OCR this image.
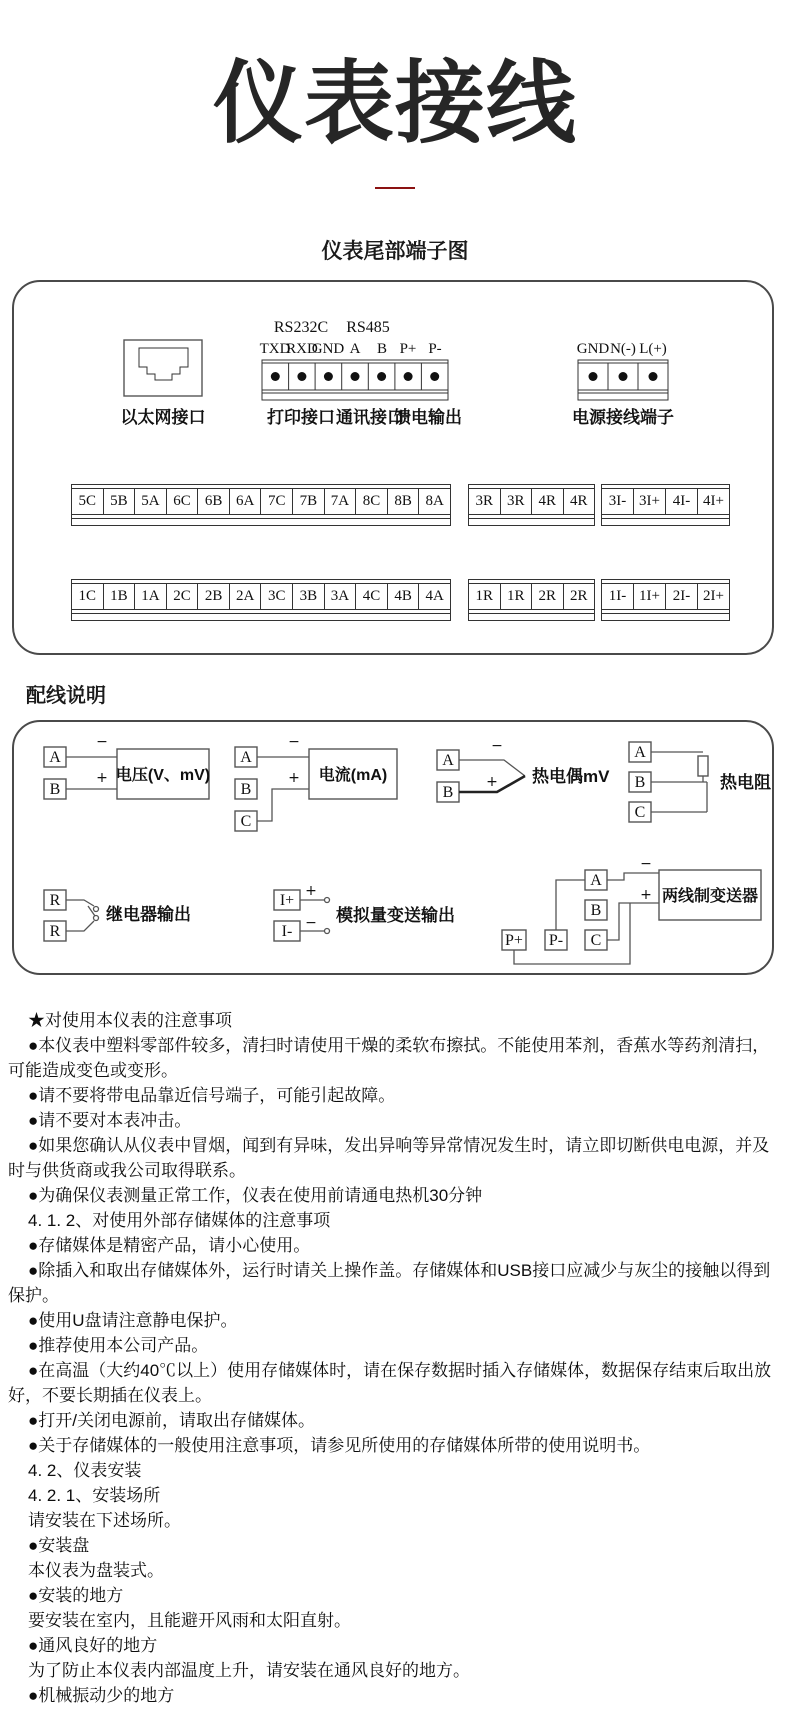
仪表接线
仪表尾部端子图
以太网接口
RS232C RS485
TXD
RXD
GND A B P+ P-
打印接口 通讯接口
馈电输出
GND N(-) L(+)
电源接线端子
5C 5B 5A 6C 6B 6A 7C 7B 7A 8C 8B 8A	3R 3R 4R 4R	3I- 3I+ 4I- 4I+
1C 1B 1A 2C 2B 2A 3C 3B 3A 4C 4B 4A	1R 1R 2R 2R	1I- 1I+ 2I- 2I+
配线说明
A
B
−
+ 电压(V、mV)
A
B
C
−
+ 电流(mA)
A
B
−
+ 热电偶mV
A
B
C
热电阻
R
R
继电器输出
I+
I-
+
− 模拟量变送输出
A
B
C
P+ P-
−
+ 两线制变送器

★对使用本仪表的注意事项

●本仪表中塑料零部件较多，清扫时请使用干燥的柔软布擦拭。不能使用苯剂，香蕉水等药剂清扫，可能造成变色或变形。

●请不要将带电品靠近信号端子，可能引起故障。

●请不要对本表冲击。

●如果您确认从仪表中冒烟，闻到有异味，发出异响等异常情况发生时，请立即切断供电电源，并及时与供货商或我公司取得联系。

●为确保仪表测量正常工作，仪表在使用前请通电热机30分钟

4. 1. 2、对使用外部存储媒体的注意事项

●存储媒体是精密产品，请小心使用。

●除插入和取出存储媒体外，运行时请关上操作盖。存储媒体和USB接口应减少与灰尘的接触以得到保护。

●使用U盘请注意静电保护。

●推荐使用本公司产品。

●在高温（大约40℃以上）使用存储媒体时，请在保存数据时插入存储媒体，数据保存结束后取出放好，不要长期插在仪表上。

●打开/关闭电源前，请取出存储媒体。

●关于存储媒体的一般使用注意事项，请参见所使用的存储媒体所带的使用说明书。

4. 2、仪表安装

4. 2. 1、安装场所

请安装在下述场所。

●安装盘

本仪表为盘装式。

●安装的地方

要安装在室内，且能避开风雨和太阳直射。

●通风良好的地方

为了防止本仪表内部温度上升，请安装在通风良好的地方。

●机械振动少的地方
